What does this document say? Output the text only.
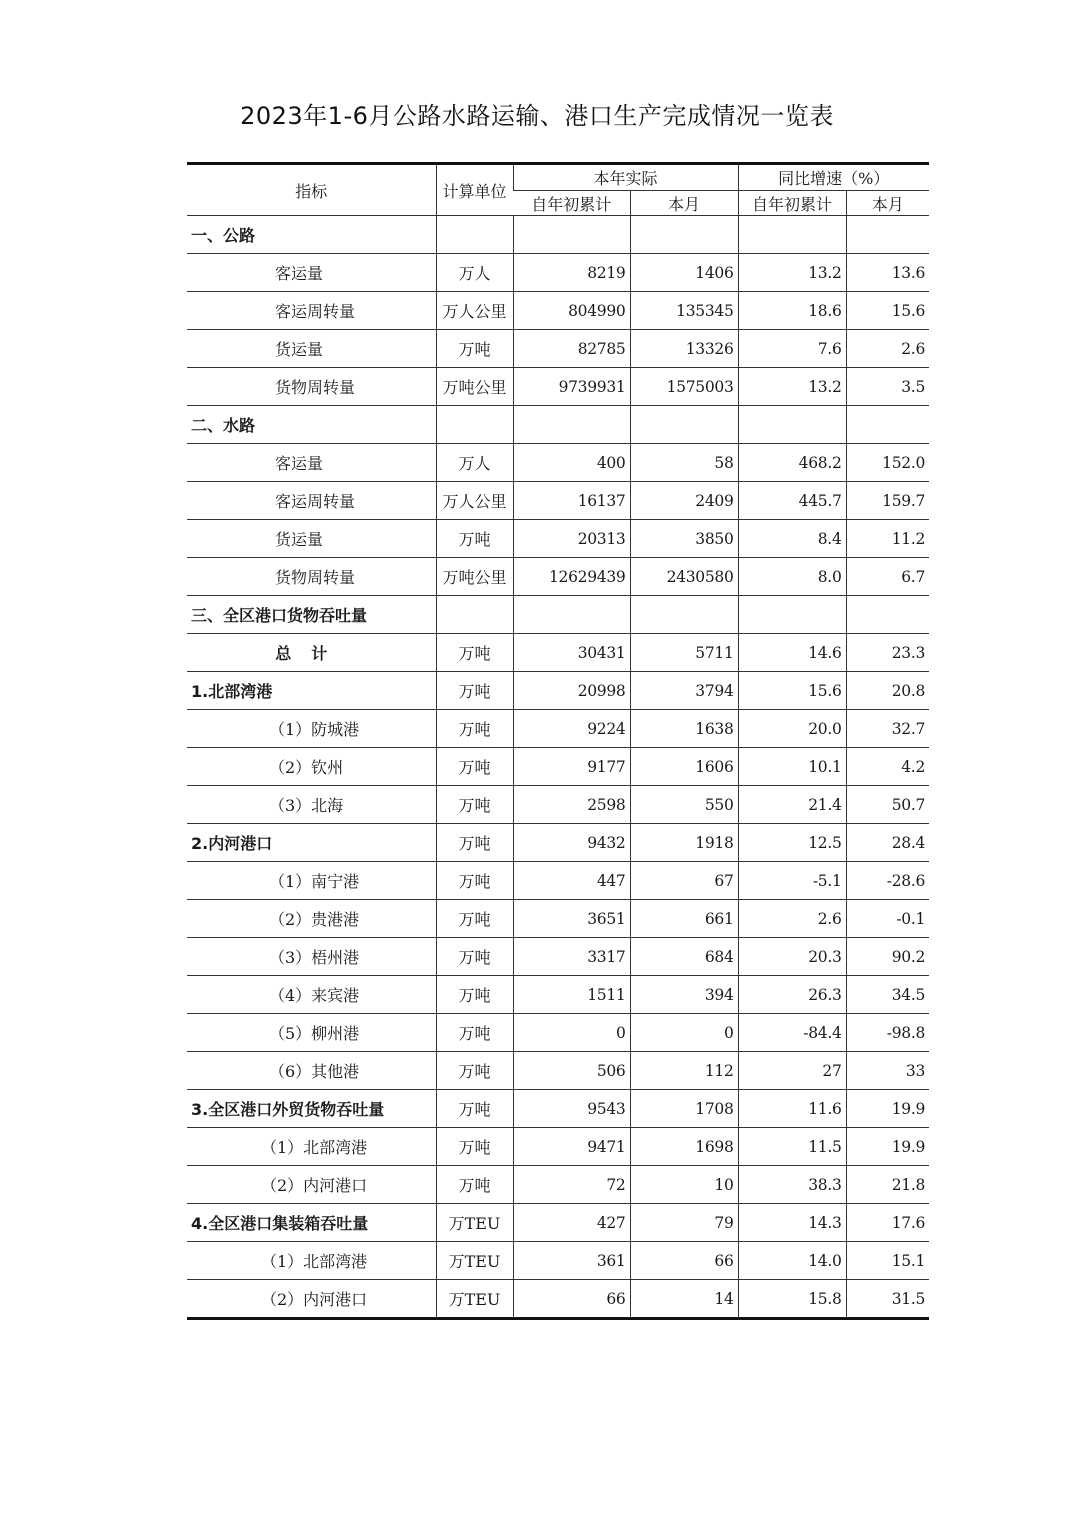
2023年1-6月公路水路运输、港口生产完成情况一览表
指标	计算单位	本年实际		同比增速（%）	
		自年初累计	本月	自年初累计	本月
一、公路					
客运量	万人	8219	1406	13.2	13.6
客运周转量	万人公里	804990	135345	18.6	15.6
货运量	万吨	82785	13326	7.6	2.6
货物周转量	万吨公里	9739931	1575003	13.2	3.5
二、水路					
客运量	万人	400	58	468.2	152.0
客运周转量	万人公里	16137	2409	445.7	159.7
货运量	万吨	20313	3850	8.4	11.2
货物周转量	万吨公里	12629439	2430580	8.0	6.7
三、全区港口货物吞吐量					
总计	万吨	30431	5711	14.6	23.3
1.北部湾港	万吨	20998	3794	15.6	20.8
（1）防城港	万吨	9224	1638	20.0	32.7
（2）钦州	万吨	9177	1606	10.1	4.2
（3）北海	万吨	2598	550	21.4	50.7
2.内河港口	万吨	9432	1918	12.5	28.4
（1）南宁港	万吨	447	67	-5.1	-28.6
（2）贵港港	万吨	3651	661	2.6	-0.1
（3）梧州港	万吨	3317	684	20.3	90.2
（4）来宾港	万吨	1511	394	26.3	34.5
（5）柳州港	万吨	0	0	-84.4	-98.8
（6）其他港	万吨	506	112	27	33
3.全区港口外贸货物吞吐量	万吨	9543	1708	11.6	19.9
（1）北部湾港	万吨	9471	1698	11.5	19.9
（2）内河港口	万吨	72	10	38.3	21.8
4.全区港口集装箱吞吐量	万TEU	427	79	14.3	17.6
（1）北部湾港	万TEU	361	66	14.0	15.1
（2）内河港口	万TEU	66	14	15.8	31.5
